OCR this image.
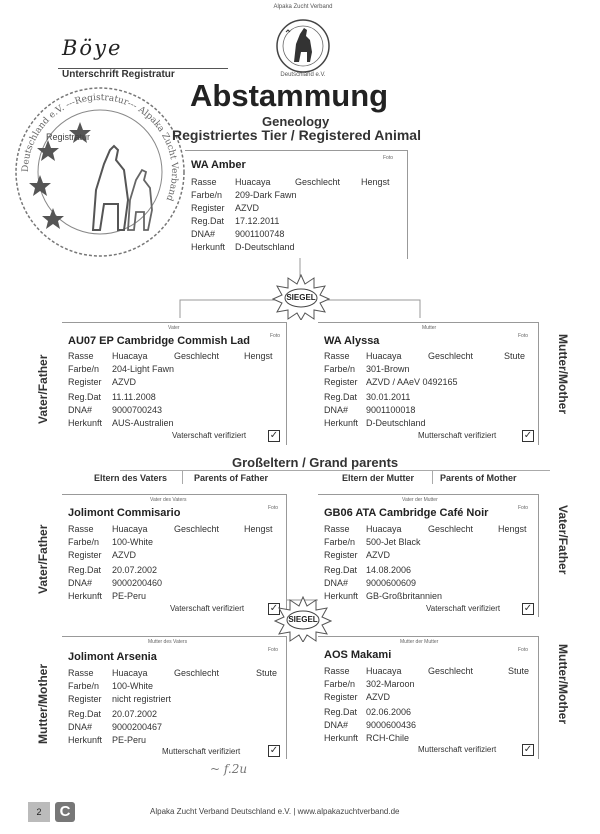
Alpaka Zucht Verband
Deutschland e.V.
Böye
Unterschrift Registratur
Deutschland e.V. ---Registratur--- Alpaka Zucht Verband
Registratur
Abstammung
Geneology
Registriertes Tier / Registered Animal
WA Amber
Foto
Rasse Huacaya	Geschlecht Hengst
Farbe/n 209-Dark Fawn
Register AZVD
Reg.Dat 17.12.2011
DNA# 9001100748
Herkunft D-Deutschland
SIEGEL
Vater
Foto
AU07 EP Cambridge Commish Lad
Rasse Huacaya	Geschlecht	Hengst
Farbe/n 204-Light Fawn
Register AZVD
Reg.Dat 11.11.2008
DNA# 9000700243
Herkunft AUS-Australien
Vaterschaft verifiziert ✓
Mutter
Foto
WA Alyssa
Rasse Huacaya	Geschlecht	Stute
Farbe/n 301-Brown
Register AZVD / AAeV 0492165
Reg.Dat 30.01.2011
DNA# 9001100018
Herkunft D-Deutschland
Mutterschaft verifiziert	✓
Vater/Father	Mutter/Mother
Vater/Father	Vater/Father
Mutter/Mother	Mutter/Mother
Großeltern / Grand parents
Eltern des Vaters	Parents of Father	Eltern der Mutter	Parents of Mother
Vater des Vaters
Foto
Jolimont Commisario
Rasse Huacaya	Geschlecht	Hengst
Farbe/n 100-White
Register AZVD
Reg.Dat 20.07.2002
DNA# 9000200460
Herkunft PE-Peru
Vaterschaft verifiziert	✓
Vater der Mutter
Foto
GB06 ATA Cambridge Café Noir
Rasse Huacaya	Geschlecht	Hengst
Farbe/n 500-Jet Black
Register AZVD
Reg.Dat 14.08.2006
DNA# 9000600609
Herkunft GB-Großbritannien
Vaterschaft verifiziert ✓
SIEGEL
Mutter des Vaters
Foto
Jolimont Arsenia
Rasse Huacaya	Geschlecht	Stute
Farbe/n 100-White
Register nicht registriert
Reg.Dat 20.07.2002
DNA# 9000200467
Herkunft PE-Peru
Mutterschaft verifiziert	✓
Mutter der Mutter
Foto
AOS Makami
Rasse Huacaya	Geschlecht	Stute
Farbe/n 302-Maroon
Register AZVD
Reg.Dat 02.06.2006
DNA# 9000600436
Herkunft RCH-Chile
Mutterschaft verifiziert	✓
~ f.2u
2	C	Alpaka Zucht Verband Deutschland e.V. | www.alpakazuchtverband.de
